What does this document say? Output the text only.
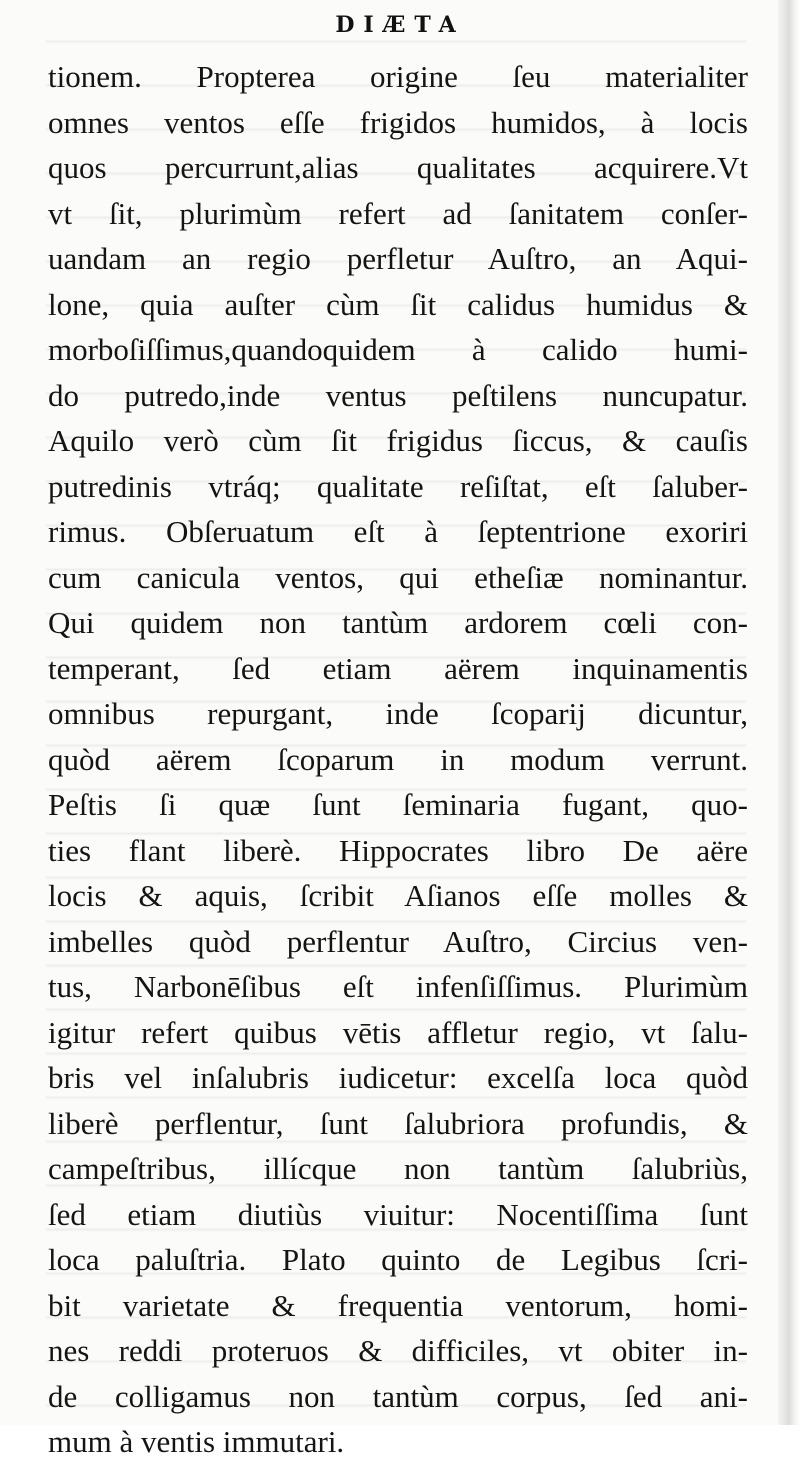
DIÆTA
tionem. Propterea origine ſeu materialiter
omnes ventos eſſe frigidos humidos, à locis
quos percurrunt,alias qualitates acquirere.Vt
vt ſit, plurimùm refert ad ſanitatem conſer-
uandam an regio perfletur Auſtro, an Aqui-
lone, quia auſter cùm ſit calidus humidus &
morboſiſſimus,quandoquidem à calido humi-
do putredo,inde ventus peſtilens nuncupatur.
Aquilo verò cùm ſit frigidus ſiccus, & cauſis
putredinis vtráq; qualitate reſiſtat, eſt ſaluber-
rimus. Obſeruatum eſt à ſeptentrione exoriri
cum canicula ventos, qui etheſiæ nominantur.
Qui quidem non tantùm ardorem cœli con-
temperant, ſed etiam aërem inquinamentis
omnibus repurgant, inde ſcoparij dicuntur,
quòd aërem ſcoparum in modum verrunt.
Peſtis ſi quæ ſunt ſeminaria fugant, quo-
ties flant liberè. Hippocrates libro De aëre
locis & aquis, ſcribit Aſianos eſſe molles &
imbelles quòd perflentur Auſtro, Circius ven-
tus, Narbonēſibus eſt infenſiſſimus. Plurimùm
igitur refert quibus vētis affletur regio, vt ſalu-
bris vel inſalubris iudicetur: excelſa loca quòd
liberè perflentur, ſunt ſalubriora profundis, &
campeſtribus, illícque non tantùm ſalubriùs,
ſed etiam diutiùs viuitur: Nocentiſſima ſunt
loca paluſtria. Plato quinto de Legibus ſcri-
bit varietate & frequentia ventorum, homi-
nes reddi proteruos & difficiles, vt obiter in-
de colligamus non tantùm corpus, ſed ani-
mum à ventis immutari.
